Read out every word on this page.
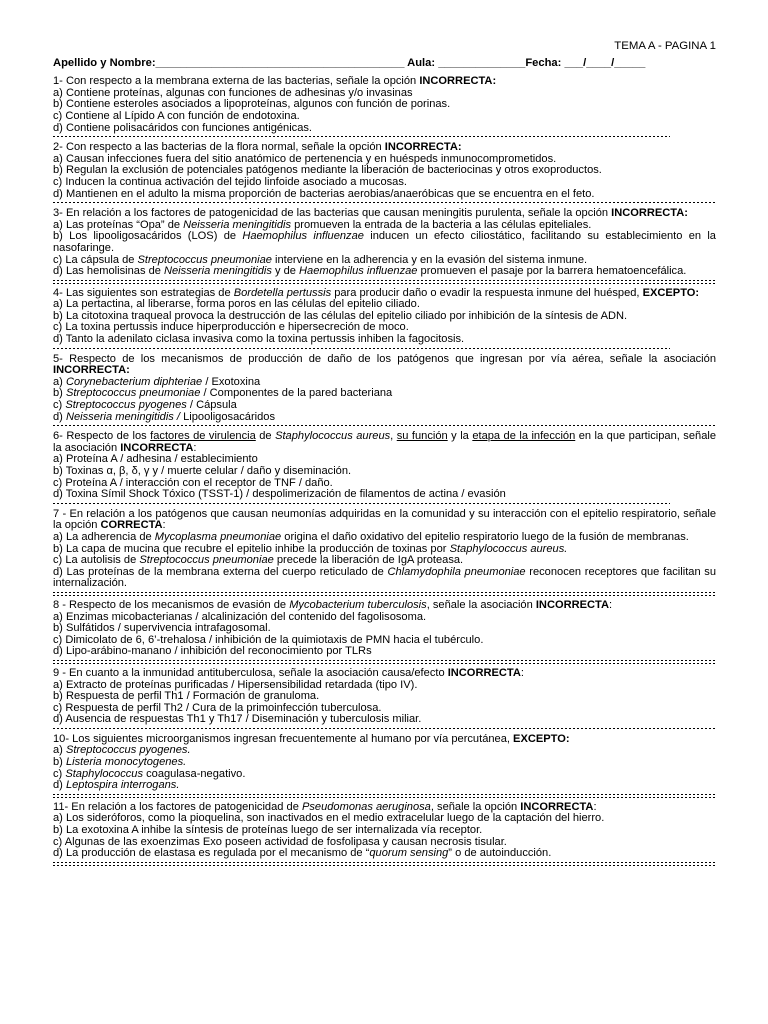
TEMA A - PAGINA 1
Apellido y Nombre:________________________________________ Aula: ______________Fecha: ___/____/_____

1- Con respecto a la membrana externa de las bacterias, señale la opción INCORRECTA:

a) Contiene proteínas, algunas con funciones de adhesinas y/o invasinas

b) Contiene esteroles asociados a lipoproteínas, algunos con función de porinas.

c) Contiene al Lípido A con función de endotoxina.

d) Contiene polisacáridos con funciones antigénicas.

2- Con respecto a las bacterias de la flora normal, señale la opción INCORRECTA:

a) Causan infecciones fuera del sitio anatómico de pertenencia y en huéspeds inmunocomprometidos.

b) Regulan la exclusión de potenciales patógenos mediante la liberación de bacteriocinas y otros exoproductos.

c) Inducen la continua activación del tejido linfoide asociado a mucosas.

d) Mantienen en el adulto la misma proporción de bacterias aerobias/anaeróbicas que se encuentra en el feto.

3- En relación a los factores de patogenicidad de las bacterias que causan meningitis purulenta, señale la opción INCORRECTA:

a) Las proteínas “Opa” de Neisseria meningitidis promueven la entrada de la bacteria a las células epiteliales.

b) Los lipooligosacáridos (LOS) de Haemophilus influenzae inducen un efecto ciliostático, facilitando su establecimiento en la nasofaringe.

c) La cápsula de Streptococcus pneumoniae interviene en la adherencia y en la evasión del sistema inmune.

d) Las hemolisinas de Neisseria meningitidis y de Haemophilus influenzae promueven el pasaje por la barrera hematoencefálica.

4- Las siguientes son estrategias de Bordetella pertussis para producir daño o evadir la respuesta inmune del huésped, EXCEPTO:

a) La pertactina, al liberarse, forma poros en las células del epitelio ciliado.

b) La citotoxina traqueal provoca la destrucción de las células del epitelio ciliado por inhibición de la síntesis de ADN.

c) La toxina pertussis induce hiperproducción e hipersecreción de moco.

d) Tanto la adenilato ciclasa invasiva como la toxina pertussis inhiben la fagocitosis.

5- Respecto de los mecanismos de producción de daño de los patógenos que ingresan por vía aérea, señale la asociación INCORRECTA:

a) Corynebacterium diphteriae / Exotoxina

b) Streptococcus pneumoniae / Componentes de la pared bacteriana

c) Streptococcus pyogenes / Cápsula

d) Neisseria meningitidis / Lipooligosacáridos

6- Respecto de los factores de virulencia de Staphylococcus aureus, su función y la etapa de la infección en la que participan, señale la asociación INCORRECTA:

a) Proteína A / adhesina / establecimiento

b) Toxinas α, β, δ, γ y / muerte celular / daño y diseminación.

c) Proteína A / interacción con el receptor de TNF / daño.

d) Toxina Símil Shock Tóxico (TSST-1) / despolimerización de filamentos de actina / evasión

7 - En relación a los patógenos que causan neumonías adquiridas en la comunidad y su interacción con el epitelio respiratorio, señale la opción CORRECTA:

a) La adherencia de Mycoplasma pneumoniae origina el daño oxidativo del epitelio respiratorio luego de la fusión de membranas.

b) La capa de mucina que recubre el epitelio inhibe la producción de toxinas por Staphylococcus aureus.

c) La autolisis de Streptococcus pneumoniae precede la liberación de IgA proteasa.

d) Las proteínas de la membrana externa del cuerpo reticulado de Chlamydophila pneumoniae reconocen receptores que facilitan su internalización.

8 - Respecto de los mecanismos de evasión de Mycobacterium tuberculosis, señale la asociación INCORRECTA:

a) Enzimas micobacterianas / alcalinización del contenido del fagolisosoma.

b) Sulfátidos / supervivencia intrafagosomal.

c) Dimicolato de 6, 6’-trehalosa / inhibición de la quimiotaxis de PMN hacia el tubérculo.

d) Lipo-arábino-manano / inhibición del reconocimiento por TLRs

9 - En cuanto a la inmunidad antituberculosa, señale la asociación causa/efecto INCORRECTA:

a) Extracto de proteínas purificadas / Hipersensibilidad retardada (tipo IV).

b) Respuesta de perfil Th1 / Formación de granuloma.

c) Respuesta de perfil Th2 / Cura de la primoinfección tuberculosa.

d) Ausencia de respuestas Th1 y Th17 / Diseminación y tuberculosis miliar.

10- Los siguientes microorganismos ingresan frecuentemente al humano por vía percutánea, EXCEPTO:

a) Streptococcus pyogenes.

b) Listeria monocytogenes.

c) Staphylococcus coagulasa-negativo.

d) Leptospira interrogans.

11- En relación a los factores de patogenicidad de Pseudomonas aeruginosa, señale la opción INCORRECTA:

a) Los sideróforos, como la pioquelina, son inactivados en el medio extracelular luego de la captación del hierro.

b) La exotoxina A inhibe la síntesis de proteínas luego de ser internalizada vía receptor.

c) Algunas de las exoenzimas Exo poseen actividad de fosfolipasa y causan necrosis tisular.

d) La producción de elastasa es regulada por el mecanismo de “quorum sensing” o de autoinducción.
